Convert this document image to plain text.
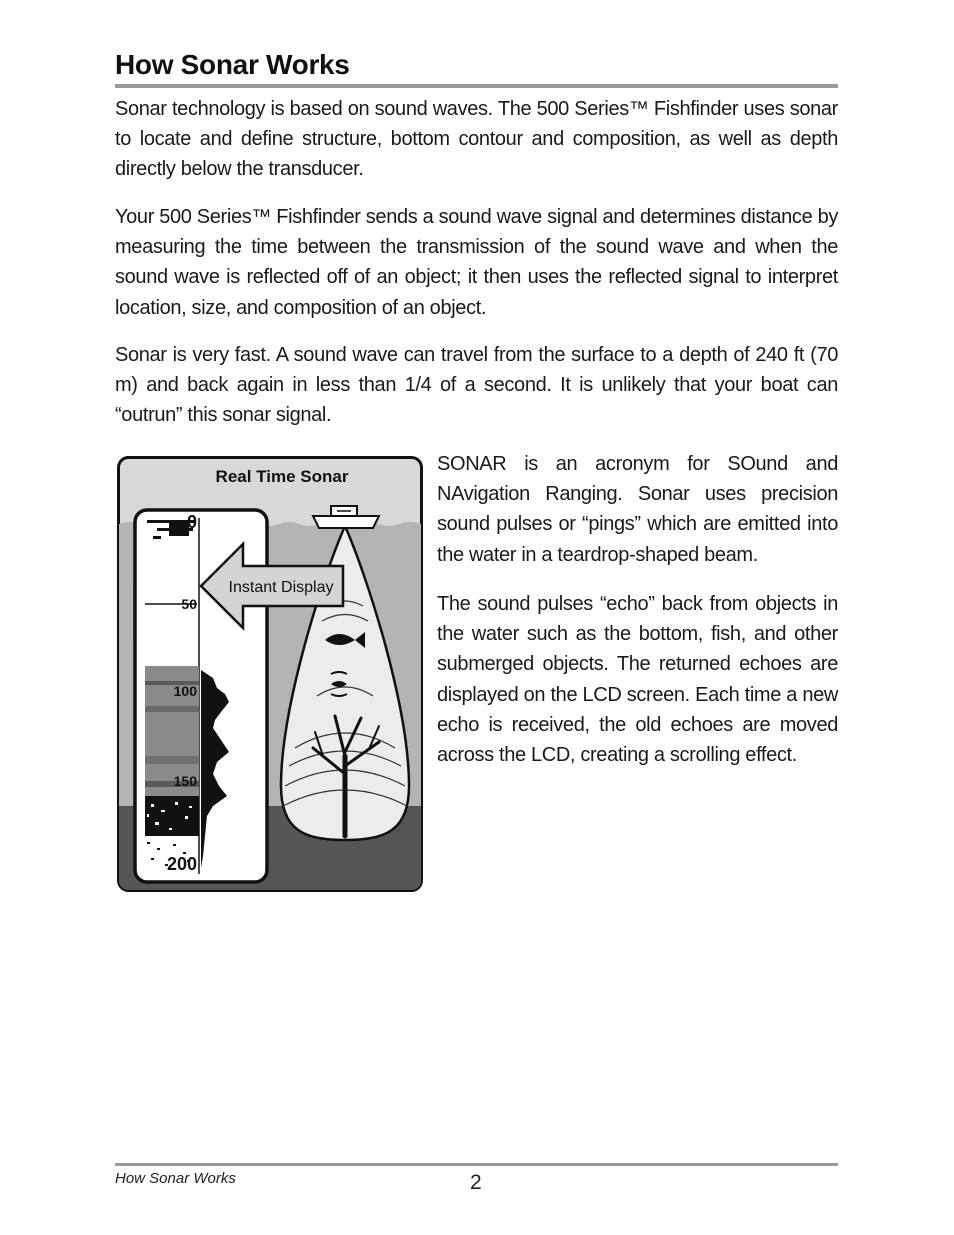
How Sonar Works

Sonar technology is based on sound waves. The 500 Series™ Fishfinder uses sonar to locate and define structure, bottom contour and composition, as well as depth directly below the transducer.

Your 500 Series™ Fishfinder sends a sound wave signal and determines distance by measuring the time between the transmission of the sound wave and when the sound wave is reflected off of an object; it then uses the reflected signal to interpret location, size, and composition of an object.

Sonar is very fast. A sound wave can travel from the surface to a depth of 240 ft (70 m) and back again in less than 1/4 of a second. It is unlikely that your boat can “outrun” this sonar signal.

Real Time Sonar
0
50
100
150
200
Instant Display

SONAR is an acronym for SOund and NAvigation Ranging. Sonar uses precision sound pulses or “pings” which are emitted into the water in a teardrop-shaped beam.

The sound pulses “echo” back from objects in the water such as the bottom, fish, and other submerged objects. The returned echoes are displayed on the LCD screen. Each time a new echo is received, the old echoes are moved across the LCD, creating a scrolling effect.

How Sonar Works	2
